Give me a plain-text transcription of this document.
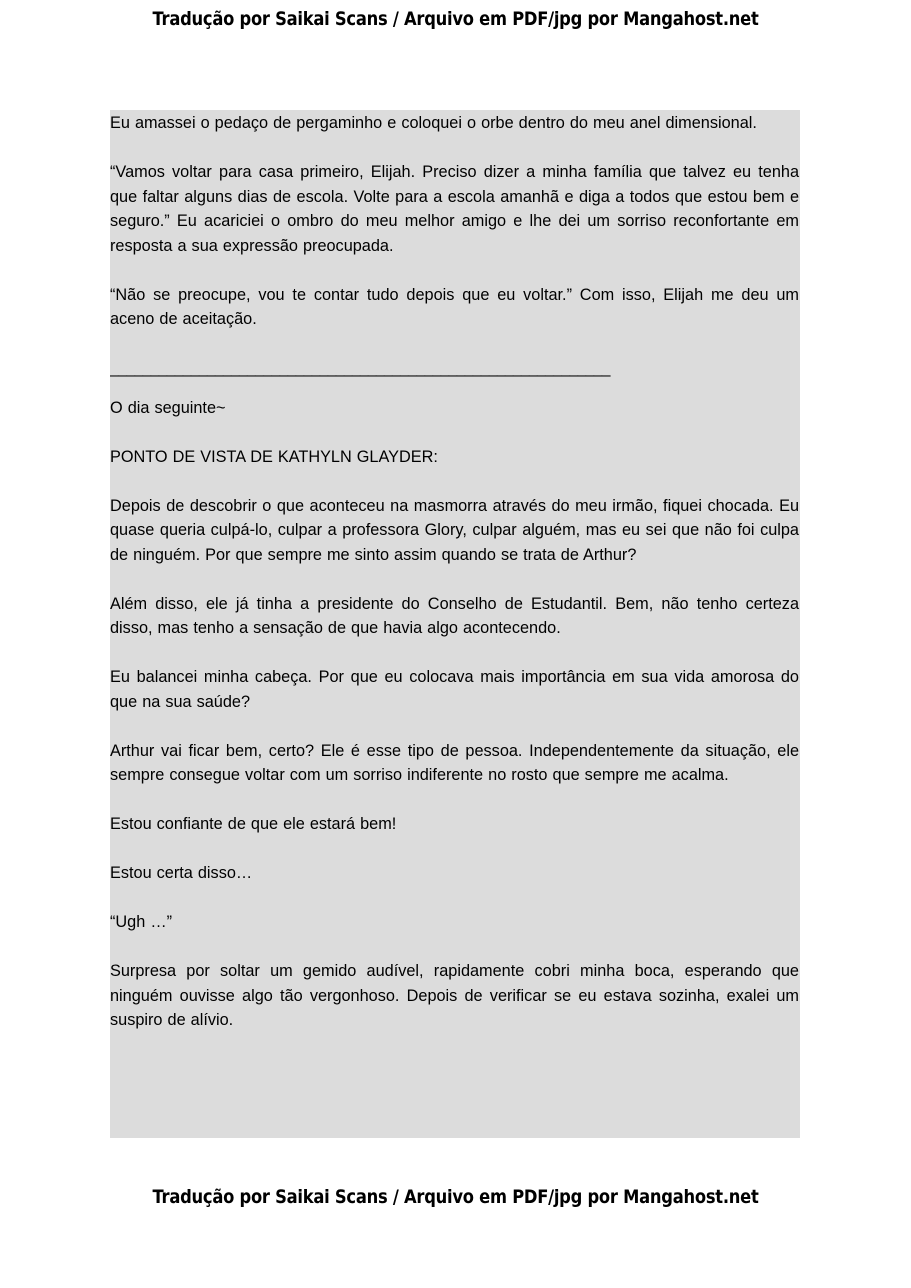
Tradução por Saikai Scans / Arquivo em PDF/jpg por Mangahost.net

Eu amassei o pedaço de pergaminho e coloquei o orbe dentro do meu anel dimensional.

“Vamos voltar para casa primeiro, Elijah. Preciso dizer a minha família que talvez eu tenha que faltar alguns dias de escola. Volte para a escola amanhã e diga a todos que estou bem e seguro.” Eu acariciei o ombro do meu melhor amigo e lhe dei um sorriso reconfortante em resposta a sua expressão preocupada.

“Não se preocupe, vou te contar tudo depois que eu voltar.” Com isso, Elijah me deu um aceno de aceitação.

______________________________________________________________

O dia seguinte~

PONTO DE VISTA DE KATHYLN GLAYDER:

Depois de descobrir o que aconteceu na masmorra através do meu irmão, fiquei chocada. Eu quase queria culpá-lo, culpar a professora Glory, culpar alguém, mas eu sei que não foi culpa de ninguém. Por que sempre me sinto assim quando se trata de Arthur?

Além disso, ele já tinha a presidente do Conselho de Estudantil. Bem, não tenho certeza disso, mas tenho a sensação de que havia algo acontecendo.

Eu balancei minha cabeça. Por que eu colocava mais importância em sua vida amorosa do que na sua saúde?

Arthur vai ficar bem, certo? Ele é esse tipo de pessoa. Independentemente da situação, ele sempre consegue voltar com um sorriso indiferente no rosto que sempre me acalma.

Estou confiante de que ele estará bem!

Estou certa disso…

“Ugh …”

Surpresa por soltar um gemido audível, rapidamente cobri minha boca, esperando que ninguém ouvisse algo tão vergonhoso. Depois de verificar se eu estava sozinha, exalei um suspiro de alívio.

Tradução por Saikai Scans / Arquivo em PDF/jpg por Mangahost.net
